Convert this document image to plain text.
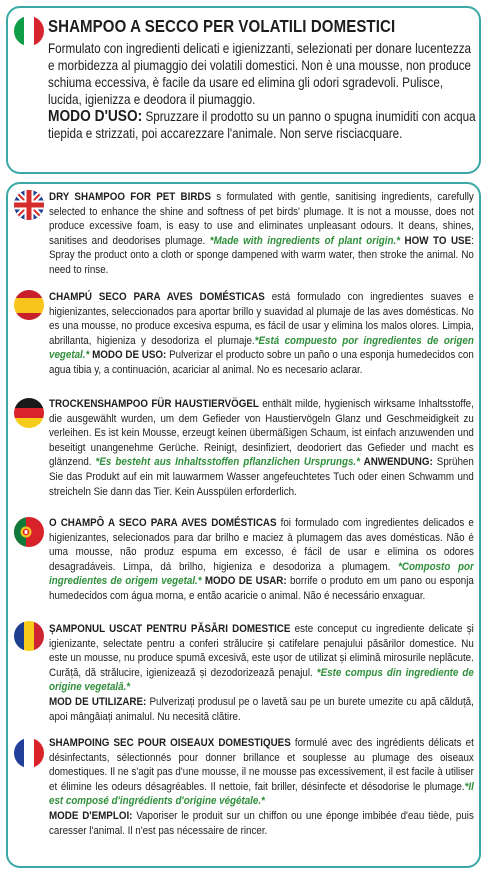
SHAMPOO A SECCO PER VOLATILI DOMESTICI
Formulato con ingredienti delicati e igienizzanti, selezionati per donare lucentezza e morbidezza al piumaggio dei volatili domestici. Non è una mousse, non produce schiuma eccessiva, è facile da usare ed elimina gli odori sgradevoli. Pulisce, lucida, igienizza e deodora il piumaggio.
MODO D'USO: Spruzzare il prodotto su un panno o spugna inumiditi con acqua tiepida e strizzati, poi accarezzare l'animale. Non serve risciacquare.
DRY SHAMPOO FOR PET BIRDS s formulated with gentle, sanitising ingredients, carefully selected to enhance the shine and softness of pet birds' plumage. It is not a mousse, does not produce excessive foam, is easy to use and eliminates unpleasant odours. It deans, shines, sanitises and deodorises plumage. *Made with ingredients of plant origin.* HOW TO USE: Spray the product onto a cloth or sponge dampened with warm water, then stroke the animal. No need to rinse.
CHAMPÚ SECO PARA AVES DOMÉSTICAS está formulado con ingredientes suaves e higienizantes, seleccionados para aportar brillo y suavidad al plumaje de las aves domésticas. No es una mousse, no produce excesiva espuma, es fácil de usar y elimina los malos olores. Limpia, abrillanta, higieniza y desodoriza el plumaje.*Está compuesto por ingredientes de origen vegetal.* MODO DE USO: Pulverizar el producto sobre un paño o una esponja humedecidos con agua tibia y, a continuación, acariciar al animal. No es necesario aclarar.
TROCKENSHAMPOO FÜR HAUSTIERVÖGEL enthält milde, hygienisch wirksame Inhaltsstoffe, die ausgewählt wurden, um dem Gefieder von Haustiervögeln Glanz und Geschmeidigkeit zu verleihen. Es ist kein Mousse, erzeugt keinen übermäßigen Schaum, ist einfach anzuwenden und beseitigt unangenehme Gerüche. Reinigt, desinfiziert, deodoriert das Gefieder und macht es glänzend. *Es besteht aus Inhaltsstoffen pflanzlichen Ursprungs.* ANWENDUNG: Sprühen Sie das Produkt auf ein mit lauwarmem Wasser angefeuchtetes Tuch oder einen Schwamm und streicheln Sie dann das Tier. Kein Ausspülen erforderlich.
O CHAMPÔ A SECO PARA AVES DOMÉSTICAS foi formulado com ingredientes delicados e higienizantes, selecionados para dar brilho e maciez à plumagem das aves domésticas. Não é uma mousse, não produz espuma em excesso, é fácil de usar e elimina os odores desagradáveis. Limpa, dá brilho, higieniza e desodoriza a plumagem. *Composto por ingredientes de origem vegetal.* MODO DE USAR: borrife o produto em um pano ou esponja humedecidos com água morna, e então acaricie o animal. Não é necessário enxaguar.
ȘAMPONUL USCAT PENTRU PĂSĂRI DOMESTICE este conceput cu ingrediente delicate și igienizante, selectate pentru a conferi strălucire și catifelare penajului păsărilor domestice. Nu este un mousse, nu produce spumă excesivă, este ușor de utilizat și elimină mirosurile neplăcute. Curăță, dă strălucire, igienizează și dezodorizează penajul. *Este compus din ingrediente de origine vegetală.*
MOD DE UTILIZARE: Pulverizați produsul pe o lavetă sau pe un burete umezite cu apă călduță, apoi mângâiați animalul. Nu necesită clătire.
SHAMPOING SEC POUR OISEAUX DOMESTIQUES formulé avec des ingrédients délicats et désinfectants, sélectionnés pour donner brillance et souplesse au plumage des oiseaux domestiques. Il ne s'agit pas d'une mousse, il ne mousse pas excessivement, il est facile à utiliser et élimine les odeurs désagréables. Il nettoie, fait briller, désinfecte et désodorise le plumage.*Il est composé d'ingrédients d'origine végétale.*
MODE D'EMPLOI: Vaporiser le produit sur un chiffon ou une éponge imbibée d'eau tiède, puis caresser l'animal. Il n'est pas nécessaire de rincer.
